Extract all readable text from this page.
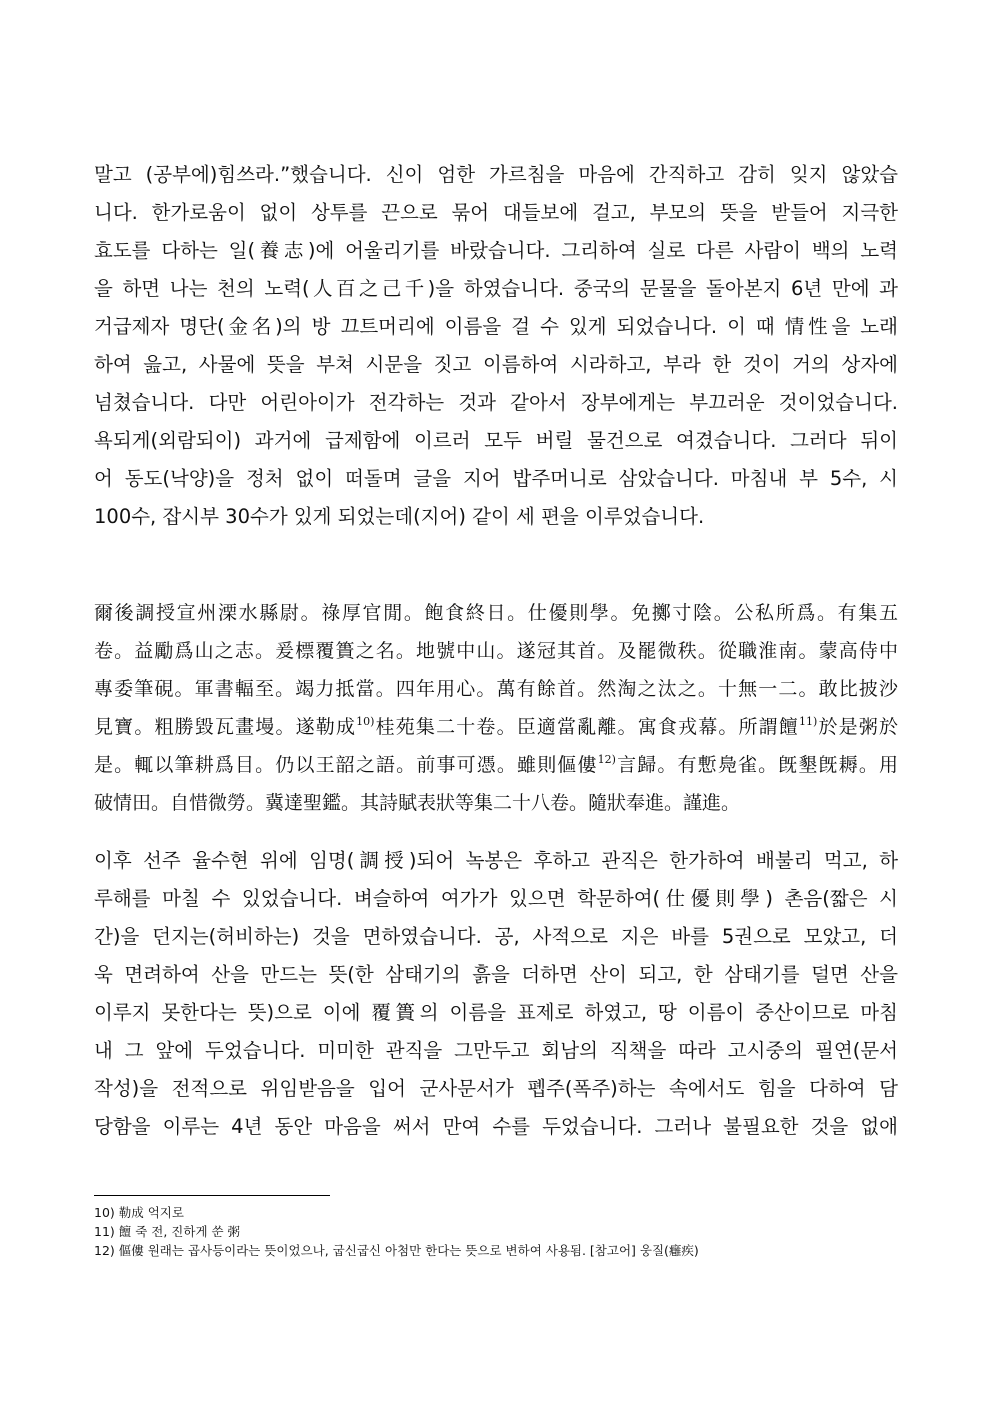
말고 (공부에)힘쓰라.”했습니다. 신이 엄한 가르침을 마음에 간직하고 감히 잊지 않았습
니다. 한가로움이 없이 상투를 끈으로 묶어 대들보에 걸고, 부모의 뜻을 받들어 지극한
효도를 다하는 일(養志)에 어울리기를 바랐습니다. 그리하여 실로 다른 사람이 백의 노력
을 하면 나는 천의 노력(人百之己千)을 하였습니다. 중국의 문물을 돌아본지 6년 만에 과
거급제자 명단(金名)의 방 끄트머리에 이름을 걸 수 있게 되었습니다. 이 때 情性을 노래
하여 읊고, 사물에 뜻을 부쳐 시문을 짓고 이름하여 시라하고, 부라 한 것이 거의 상자에
넘쳤습니다. 다만 어린아이가 전각하는 것과 같아서 장부에게는 부끄러운 것이었습니다.
욕되게(외람되이) 과거에 급제함에 이르러 모두 버릴 물건으로 여겼습니다. 그러다 뒤이
어 동도(낙양)을 정처 없이 떠돌며 글을 지어 밥주머니로 삼았습니다. 마침내 부 5수, 시
100수, 잡시부 30수가 있게 되었는데(지어) 같이 세 편을 이루었습니다.
爾後調授宣州溧水縣尉。祿厚官閒。飽食終日。仕優則學。免擲寸陰。公私所爲。有集五
卷。益勵爲山之志。爰標覆簣之名。地號中山。遂冠其首。及罷微秩。從職淮南。蒙高侍中
專委筆硯。軍書輻至。竭力抵當。四年用心。萬有餘首。然淘之汰之。十無一二。敢比披沙
見寶。粗勝毀瓦畫墁。遂勒成$^{10)}$桂苑集二十卷。臣適當亂離。寓食戎幕。所謂饘$^{11)}$於是粥於
是。輒以筆耕爲目。仍以王韶之語。前事可憑。雖則傴僂$^{12)}$言歸。有慙鳧雀。旣墾旣耨。用
破情田。自惜微勞。冀達聖鑑。其詩賦表狀等集二十八卷。隨狀奉進。謹進。
이후 선주 율수현 위에 임명(調授)되어 녹봉은 후하고 관직은 한가하여 배불리 먹고, 하
루해를 마칠 수 있었습니다. 벼슬하여 여가가 있으면 학문하여(仕優則學) 촌음(짧은 시
간)을 던지는(허비하는) 것을 면하였습니다. 공, 사적으로 지은 바를 5권으로 모았고, 더
욱 면려하여 산을 만드는 뜻(한 삼태기의 흙을 더하면 산이 되고, 한 삼태기를 덜면 산을
이루지 못한다는 뜻)으로 이에 覆簣의 이름을 표제로 하였고, 땅 이름이 중산이므로 마침
내 그 앞에 두었습니다. 미미한 관직을 그만두고 회남의 직책을 따라 고시중의 필연(문서
작성)을 전적으로 위임받음을 입어 군사문서가 폡주(폭주)하는 속에서도 힘을 다하여 담
당함을 이루는 4년 동안 마음을 써서 만여 수를 두었습니다. 그러나 불필요한 것을 없애
10) 勒成 억지로
11) 饘 죽 전, 진하게 쑨 粥
12) 傴僂 원래는 곱사등이라는 뜻이었으나, 굽신굽신 아첨만 한다는 뜻으로 변하여 사용됨. [참고어] 웅질(癰疾)
